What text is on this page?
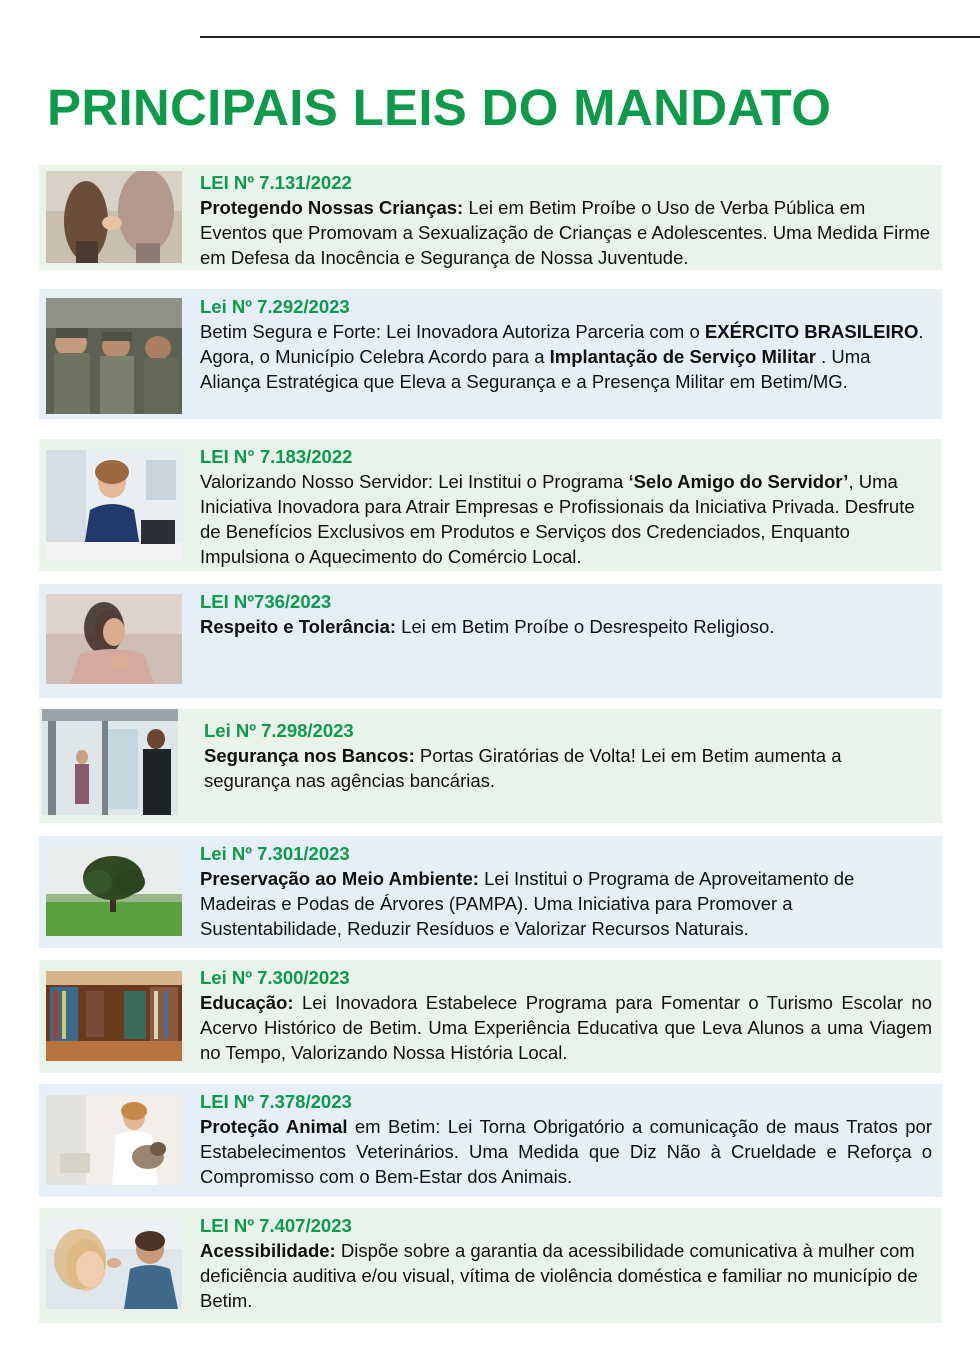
PRINCIPAIS LEIS DO MANDATO
LEI Nº 7.131/2022

Protegendo Nossas Crianças: Lei em Betim Proíbe o Uso de Verba Pública em Eventos que Promovam a Sexualização de Crianças e Adolescentes. Uma Medida Firme em Defesa da Inocência e Segurança de Nossa Juventude.

Lei Nº 7.292/2023

Betim Segura e Forte: Lei Inovadora Autoriza Parceria com o EXÉRCITO BRASILEIRO. Agora, o Município Celebra Acordo para a Implantação de Serviço Militar . Uma Aliança Estratégica que Eleva a Segurança e a Presença Militar em Betim/MG.

LEI N° 7.183/2022

Valorizando Nosso Servidor: Lei Institui o Programa ‘Selo Amigo do Servidor’, Uma Iniciativa Inovadora para Atrair Empresas e Profissionais da Iniciativa Privada. Desfrute de Benefícios Exclusivos em Produtos e Serviços dos Credenciados, Enquanto Impulsiona o Aquecimento do Comércio Local.

LEI Nº736/2023

Respeito e Tolerância: Lei em Betim Proíbe o Desrespeito Religioso.

Lei Nº 7.298/2023

Segurança nos Bancos: Portas Giratórias de Volta! Lei em Betim aumenta a segurança nas agências bancárias.

Lei Nº 7.301/2023

Preservação ao Meio Ambiente: Lei Institui o Programa de Aproveitamento de Madeiras e Podas de Árvores (PAMPA). Uma Iniciativa para Promover a Sustentabilidade, Reduzir Resíduos e Valorizar Recursos Naturais.

Lei Nº 7.300/2023

Educação: Lei Inovadora Estabelece Programa para Fomentar o Turismo Escolar no Acervo Histórico de Betim. Uma Experiência Educativa que Leva Alunos a uma Viagem no Tempo, Valorizando Nossa História Local.

LEI Nº 7.378/2023

Proteção Animal em Betim: Lei Torna Obrigatório a comunicação de maus Tratos por Estabelecimentos Veterinários. Uma Medida que Diz Não à Crueldade e Reforça o Compromisso com o Bem-Estar dos Animais.

LEI Nº 7.407/2023

Acessibilidade: Dispõe sobre a garantia da acessibilidade comunicativa à mulher com deficiência auditiva e/ou visual, vítima de violência doméstica e familiar no município de Betim.
